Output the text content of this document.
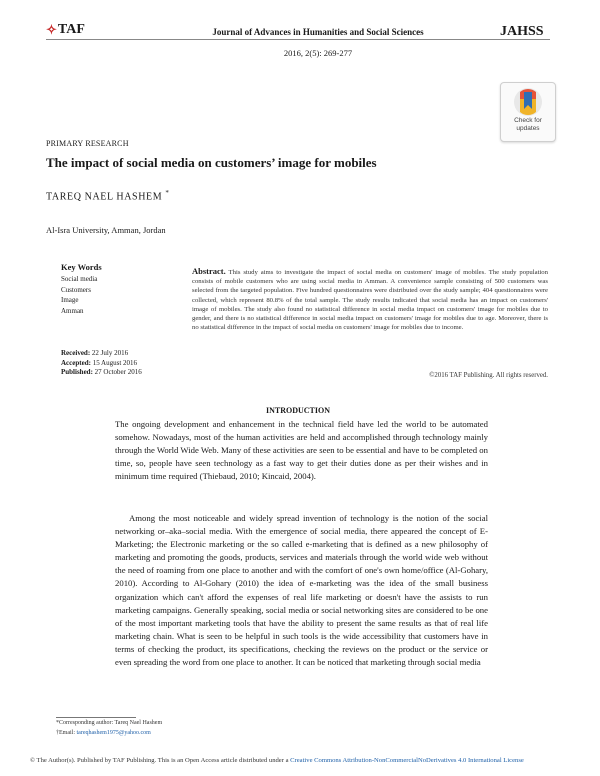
✧ TAF	Journal of Advances in Humanities and Social Sciences	JAHSS
2016, 2(5): 269-277
Check for
updates
PRIMARY RESEARCH
The impact of social media on customers’ image for mobiles
TAREQ NAEL HASHEM *
Al-Isra University, Amman, Jordan
Key Words
Social media
Customers
Image
Amman
Received: 22 July 2016
Accepted: 15 August 2016
Published: 27 October 2016
Abstract. This study aims to investigate the impact of social media on customers' image of mobiles. The study population consists of mobile customers who are using social media in Amman. A convenience sample consisting of 500 customers was selected from the targeted population. Five hundred questionnaires were distributed over the study sample; 404 questionnaires were collected, which represent 80.8% of the total sample. The study results indicated that social media has an impact on customers' image of mobiles. The study also found no statistical difference in social media impact on customers' image for mobiles due to gender, and there is no statistical difference in social media impact on customers' image for mobiles due to age. Moreover, there is no statistical difference in the impact of social media on customers' image for mobiles due to income.
©2016 TAF Publishing. All rights reserved.
INTRODUCTION
The ongoing development and enhancement in the technical field have led the world to be automated somehow. Nowadays, most of the human activities are held and accomplished through technology mainly through the World Wide Web. Many of these activities are seen to be essential and have to be completed on time, so, people have seen technology as a fast way to get their duties done as per their wishes and in minimum time required (Thiebaud, 2010; Kincaid, 2004).
Among the most noticeable and widely spread invention of technology is the notion of the social networking or–aka–social media. With the emergence of social media, there appeared the concept of E-Marketing; the Electronic marketing or the so called e-marketing that is defined as a new philosophy of marketing and promoting the goods, products, services and materials through the world wide web without the need of roaming from one place to another and with the comfort of one's own home/office (Al-Gohary, 2010). According to Al-Gohary (2010) the idea of e-marketing was the idea of the small business organization which can't afford the expenses of real life marketing or doesn't have the assists to run marketing campaigns. Generally speaking, social media or social networking sites are considered to be one of the most important marketing tools that have the ability to present the same results as that of real life marketing chain. What is seen to be helpful in such tools is the wide accessibility that customers have in terms of checking the product, its specifications, checking the reviews on the product or the service or even spreading the word from one place to another. It can be noticed that marketing through social media
*Corresponding author: Tareq Nael Hashem
†Email: tareqhashem1975@yahoo.com
© The Author(s). Published by TAF Publishing. This is an Open Access article distributed under a Creative Commons Attribution-NonCommercialNoDerivatives 4.0 International License
